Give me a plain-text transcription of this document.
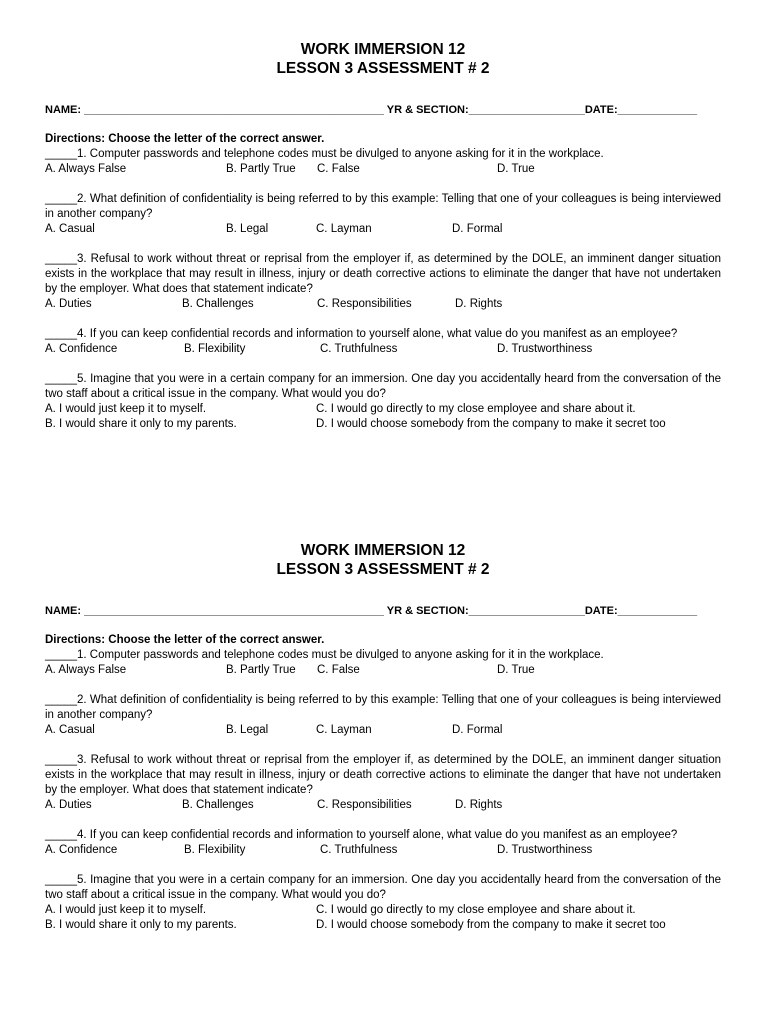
WORK IMMERSION 12
LESSON 3 ASSESSMENT # 2
NAME: _________________________________________________ YR & SECTION:___________________DATE:_____________
Directions: Choose the letter of the correct answer.
_____1. Computer passwords and telephone codes must be divulged to anyone asking for it in the workplace.
A. Always False	B. Partly True C. False	D. True
_____2. What definition of confidentiality is being referred to by this example: Telling that one of your colleagues is being interviewed in another company?
A. Casual	B. Legal	C. Layman	D. Formal
_____3. Refusal to work without threat or reprisal from the employer if, as determined by the DOLE, an imminent danger situation exists in the workplace that may result in illness, injury or death corrective actions to eliminate the danger that have not undertaken by the employer. What does that statement indicate?
A. Duties	B. Challenges	C. Responsibilities	D. Rights
_____4. If you can keep confidential records and information to yourself alone, what value do you manifest as an employee?
A. Confidence	B. Flexibility	C. Truthfulness	D. Trustworthiness
_____5. Imagine that you were in a certain company for an immersion. One day you accidentally heard from the conversation of the two staff about a critical issue in the company. What would you do?
A. I would just keep it to myself.	C. I would go directly to my close employee and share about it.
B. I would share it only to my parents.	D. I would choose somebody from the company to make it secret too
WORK IMMERSION 12
LESSON 3 ASSESSMENT # 2
NAME: _________________________________________________ YR & SECTION:___________________DATE:_____________
Directions: Choose the letter of the correct answer.
_____1. Computer passwords and telephone codes must be divulged to anyone asking for it in the workplace.
A. Always False	B. Partly True C. False	D. True
_____2. What definition of confidentiality is being referred to by this example: Telling that one of your colleagues is being interviewed in another company?
A. Casual	B. Legal	C. Layman	D. Formal
_____3. Refusal to work without threat or reprisal from the employer if, as determined by the DOLE, an imminent danger situation exists in the workplace that may result in illness, injury or death corrective actions to eliminate the danger that have not undertaken by the employer. What does that statement indicate?
A. Duties	B. Challenges	C. Responsibilities	D. Rights
_____4. If you can keep confidential records and information to yourself alone, what value do you manifest as an employee?
A. Confidence	B. Flexibility	C. Truthfulness	D. Trustworthiness
_____5. Imagine that you were in a certain company for an immersion. One day you accidentally heard from the conversation of the two staff about a critical issue in the company. What would you do?
A. I would just keep it to myself.	C. I would go directly to my close employee and share about it.
B. I would share it only to my parents.	D. I would choose somebody from the company to make it secret too
